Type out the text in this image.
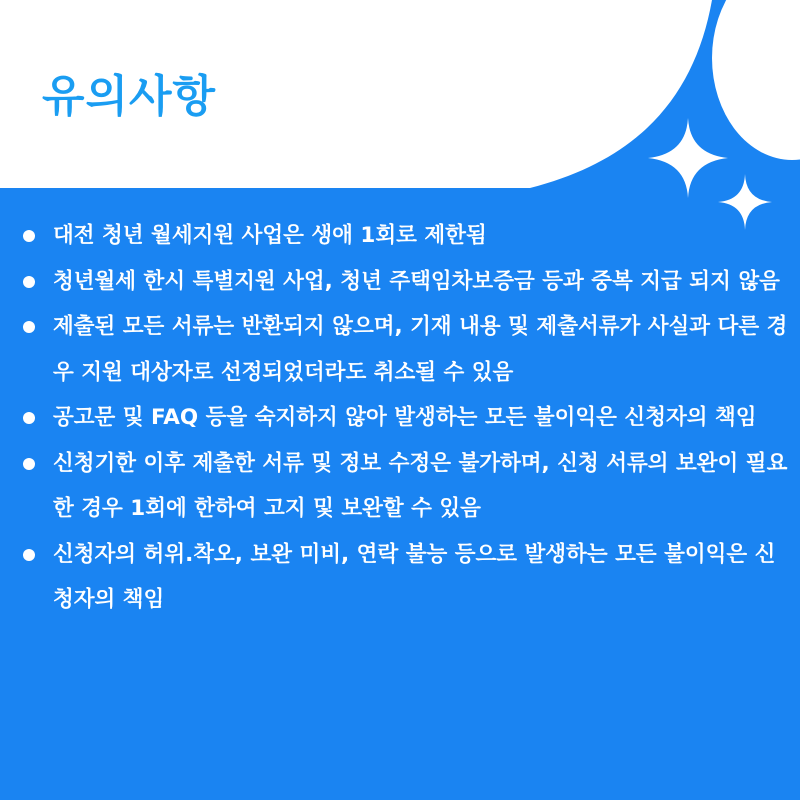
유의사항
대전 청년 월세지원 사업은 생애 1회로 제한됨
청년월세 한시 특별지원 사업, 청년 주택임차보증금 등과 중복 지급 되지 않음
제출된 모든 서류는 반환되지 않으며, 기재 내용 및 제출서류가 사실과 다른 경우 지원 대상자로 선정되었더라도 취소될 수 있음
공고문 및 FAQ 등을 숙지하지 않아 발생하는 모든 불이익은 신청자의 책임
신청기한 이후 제출한 서류 및 정보 수정은 불가하며, 신청 서류의 보완이 필요한 경우 1회에 한하여 고지 및 보완할 수 있음
신청자의 허위.착오, 보완 미비, 연락 불능 등으로 발생하는 모든 불이익은 신청자의 책임
